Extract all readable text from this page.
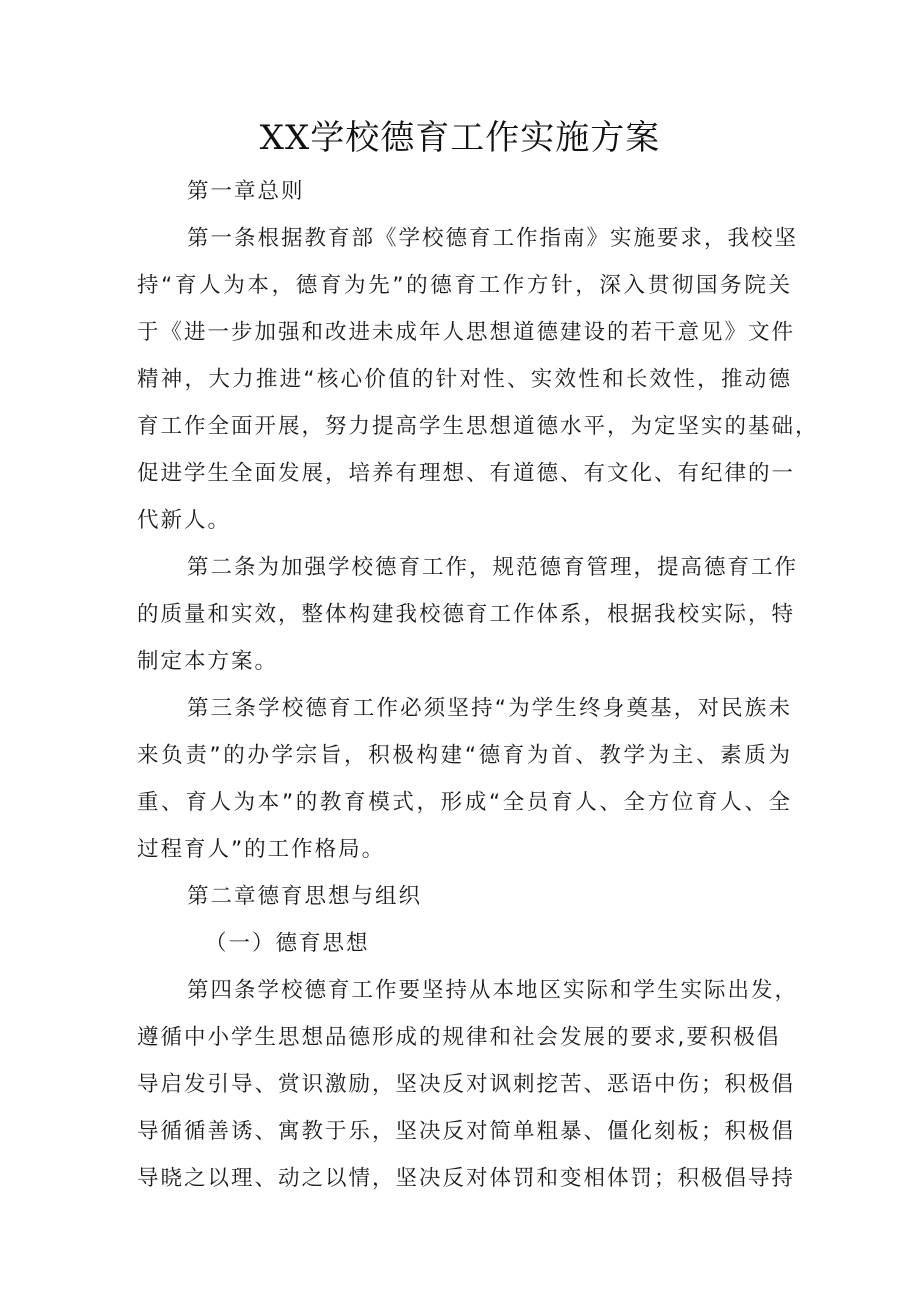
XX学校德育工作实施方案
第一章总则
第一条根据教育部《学校德育工作指南》实施要求，我校坚
持“育人为本，德育为先”的德育工作方针，深入贯彻国务院关
于《进一步加强和改进未成年人思想道德建设的若干意见》文件
精神，大力推进“核心价值的针对性、实效性和长效性，推动德
育工作全面开展，努力提高学生思想道德水平，为定坚实的基础，
促进学生全面发展，培养有理想、有道德、有文化、有纪律的一
代新人。
第二条为加强学校德育工作，规范德育管理，提高德育工作
的质量和实效，整体构建我校德育工作体系，根据我校实际，特
制定本方案。
第三条学校德育工作必须坚持“为学生终身奠基，对民族未
来负责”的办学宗旨，积极构建“德育为首、教学为主、素质为
重、育人为本”的教育模式，形成“全员育人、全方位育人、全
过程育人”的工作格局。
第二章德育思想与组织
（一）德育思想
第四条学校德育工作要坚持从本地区实际和学生实际出发，
遵循中小学生思想品德形成的规律和社会发展的要求,要积极倡
导启发引导、赏识激励，坚决反对讽刺挖苦、恶语中伤；积极倡
导循循善诱、寓教于乐，坚决反对简单粗暴、僵化刻板；积极倡
导晓之以理、动之以情，坚决反对体罚和变相体罚；积极倡导持
